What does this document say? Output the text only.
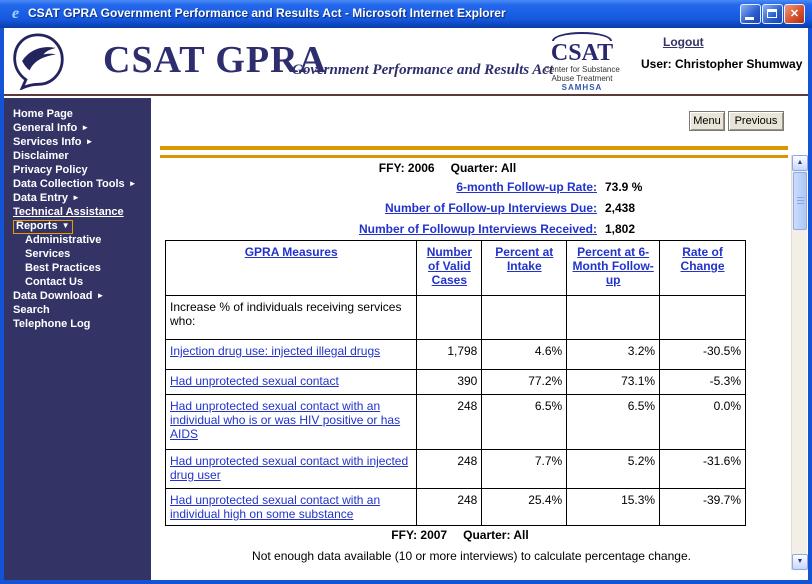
e CSAT GPRA Government Performance and Results Act - Microsoft Internet Explorer	✕
CSAT GPRA
Government Performance and Results Act
CSAT
Center for Substance
Abuse Treatment
SAMHSA
Logout
User: Christopher Shumway
Home Page
General Info ►
Services Info ►
Disclaimer
Privacy Policy
Data Collection Tools ►
Data Entry ►
Technical Assistance
Reports ▼
Administrative
Services
Best Practices
Contact Us
Data Download ►
Search
Telephone Log
Menu	Previous
FFY: 2006 Quarter: All
6-month Follow-up Rate: 73.9 %
Number of Follow-up Interviews Due: 2,438
Number of Followup Interviews Received: 1,802
GPRA Measures	Number of Valid Cases	Percent at Intake	Percent at 6-Month Follow-up	Rate of Change
Increase % of individuals receiving services who:				
Injection drug use: injected illegal drugs	1,798	4.6%	3.2%	-30.5%
Had unprotected sexual contact	390	77.2%	73.1%	-5.3%
Had unprotected sexual contact with an individual who is or was HIV positive or has AIDS	248	6.5%	6.5%	0.0%
Had unprotected sexual contact with injected drug user	248	7.7%	5.2%	-31.6%
Had unprotected sexual contact with an individual high on some substance	248	25.4%	15.3%	-39.7%
FFY: 2007 Quarter: All
Not enough data available (10 or more interviews) to calculate percentage change.
▲
▼
